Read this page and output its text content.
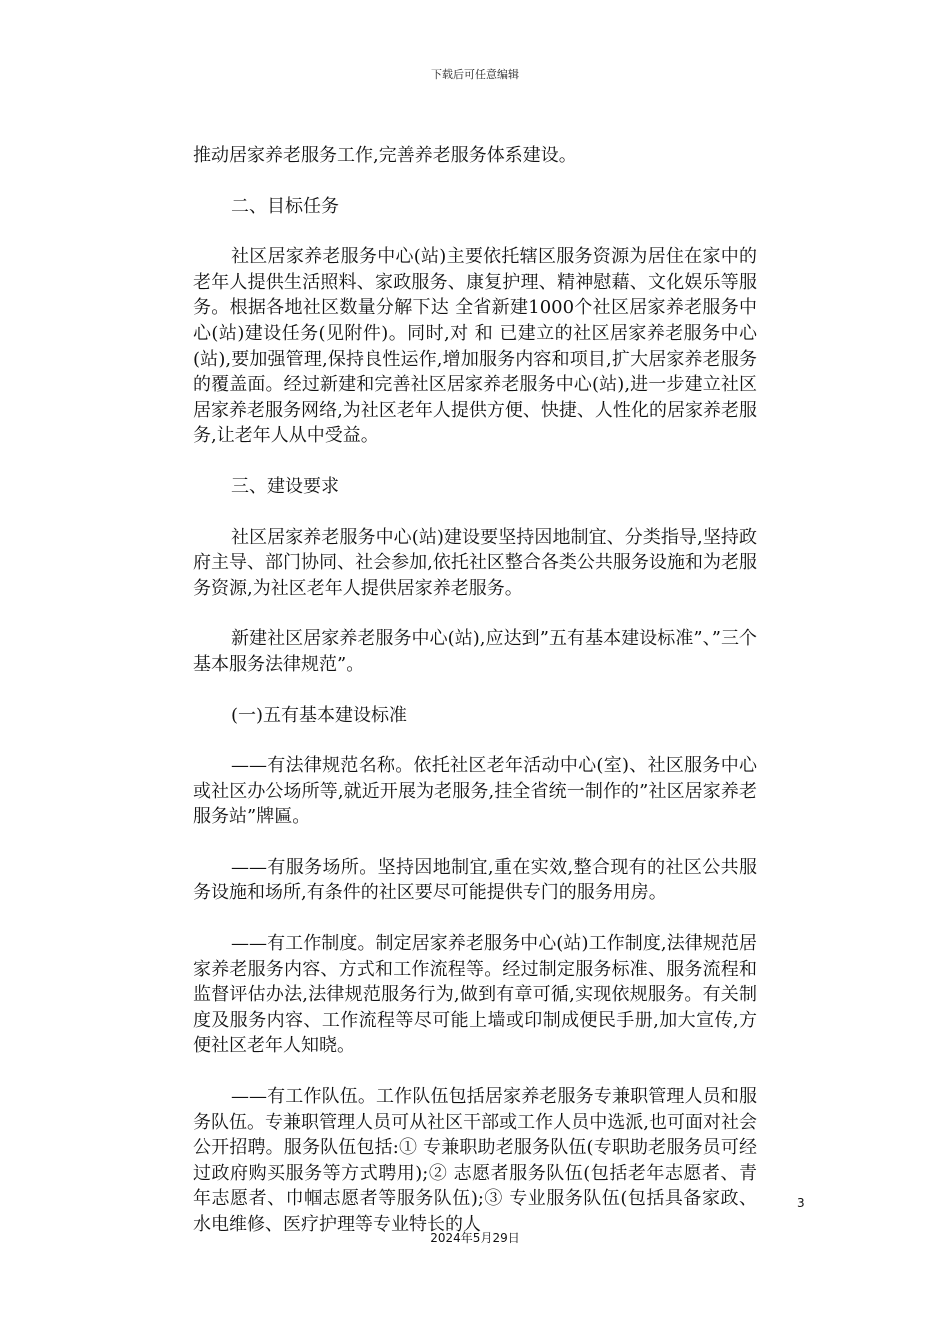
下载后可任意编辑

推动居家养老服务工作,完善养老服务体系建设。

二、目标任务

社区居家养老服务中心(站)主要依托辖区服务资源为居住在家中的老年人提供生活照料、家政服务、康复护理、精神慰藉、文化娱乐等服务。根据各地社区数量分解下达 全省新建1000个社区居家养老服务中心(站)建设任务(见附件)。同时,对 和 已建立的社区居家养老服务中心(站),要加强管理,保持良性运作,增加服务内容和项目,扩大居家养老服务的覆盖面。经过新建和完善社区居家养老服务中心(站),进一步建立社区居家养老服务网络,为社区老年人提供方便、快捷、人性化的居家养老服务,让老年人从中受益。

三、建设要求

社区居家养老服务中心(站)建设要坚持因地制宜、分类指导,坚持政府主导、部门协同、社会参加,依托社区整合各类公共服务设施和为老服务资源,为社区老年人提供居家养老服务。

新建社区居家养老服务中心(站),应达到”五有基本建设标准”、”三个基本服务法律规范”。

(一)五有基本建设标准

——有法律规范名称。依托社区老年活动中心(室)、社区服务中心或社区办公场所等,就近开展为老服务,挂全省统一制作的”社区居家养老服务站”牌匾。

——有服务场所。坚持因地制宜,重在实效,整合现有的社区公共服务设施和场所,有条件的社区要尽可能提供专门的服务用房。

——有工作制度。制定居家养老服务中心(站)工作制度,法律规范居家养老服务内容、方式和工作流程等。经过制定服务标准、服务流程和监督评估办法,法律规范服务行为,做到有章可循,实现依规服务。有关制度及服务内容、工作流程等尽可能上墙或印制成便民手册,加大宣传,方便社区老年人知晓。

——有工作队伍。工作队伍包括居家养老服务专兼职管理人员和服务队伍。专兼职管理人员可从社区干部或工作人员中选派,也可面对社会公开招聘。服务队伍包括:① 专兼职助老服务队伍(专职助老服务员可经过政府购买服务等方式聘用);② 志愿者服务队伍(包括老年志愿者、青年志愿者、巾帼志愿者等服务队伍);③ 专业服务队伍(包括具备家政、水电维修、医疗护理等专业特长的人

3
2024年5月29日
